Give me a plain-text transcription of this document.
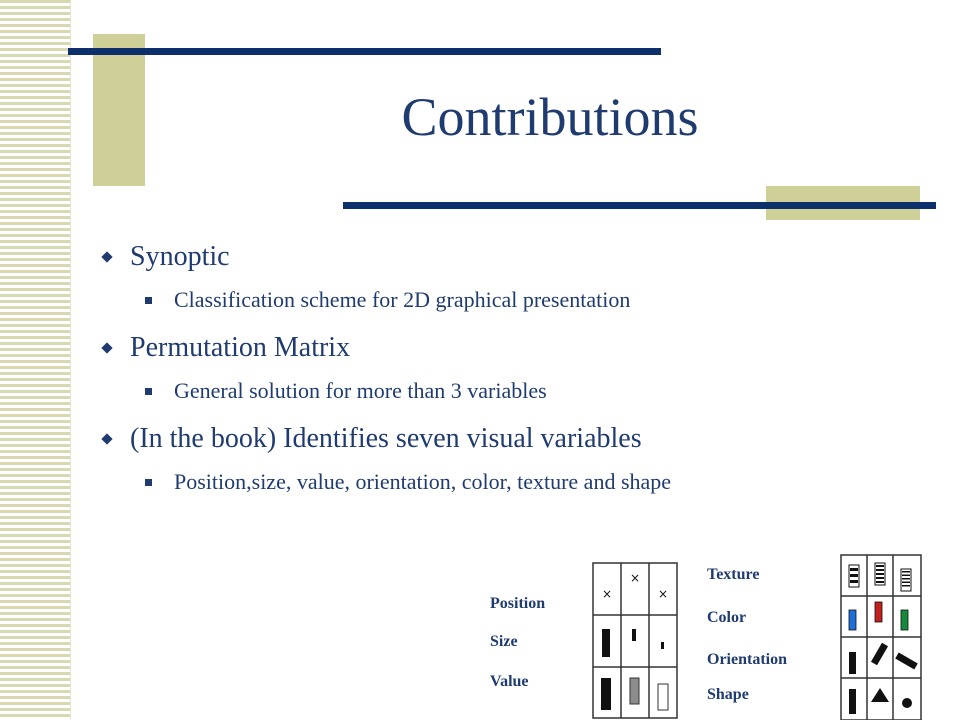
Contributions
Synoptic
Classification scheme for 2D graphical presentation
Permutation Matrix
General solution for more than 3 variables
(In the book) Identifies seven visual variables
Position,size, value, orientation, color, texture and shape
Position
Size
Value
Texture
Color
Orientation
Shape
×
×
×
